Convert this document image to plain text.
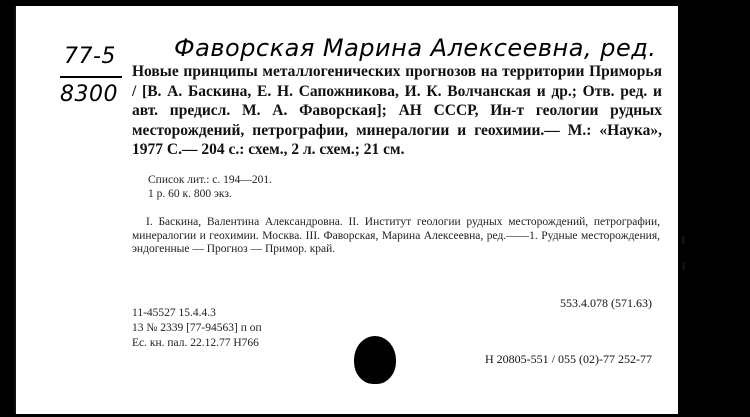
77-5
8300
Фаворская Марина Алексеевна, ред.

Новые принципы металлогенических прогнозов на территории Приморья / [В. А. Баскина, Е. Н. Сапожникова, И. К. Волчанская и др.; Отв. ред. и авт. предисл. М. А. Фаворская]; АН СССР, Ин-т геологии рудных месторождений, петрографии, минералогии и геохимии.— М.: «Наука», 1977 С.— 204 с.: схем., 2 л. схем.; 21 см.

Список лит.: с. 194—201.
1 р. 60 к. 800 экз.

I. Баскина, Валентина Александровна. II. Институт геологии рудных месторождений, петрографии, минералогии и геохимии. Москва. III. Фаворская, Марина Алексеевна, ред.——1. Рудные месторождения, эндогенные — Прогноз — Примор. край.

553.4.078 (571.63)

11-45527 15.4.4.3
13 № 2339 [77-94563] п оп
Ес. кн. пал. 22.12.77 Н766

Н 20805-551 / 055 (02)-77 252-77
